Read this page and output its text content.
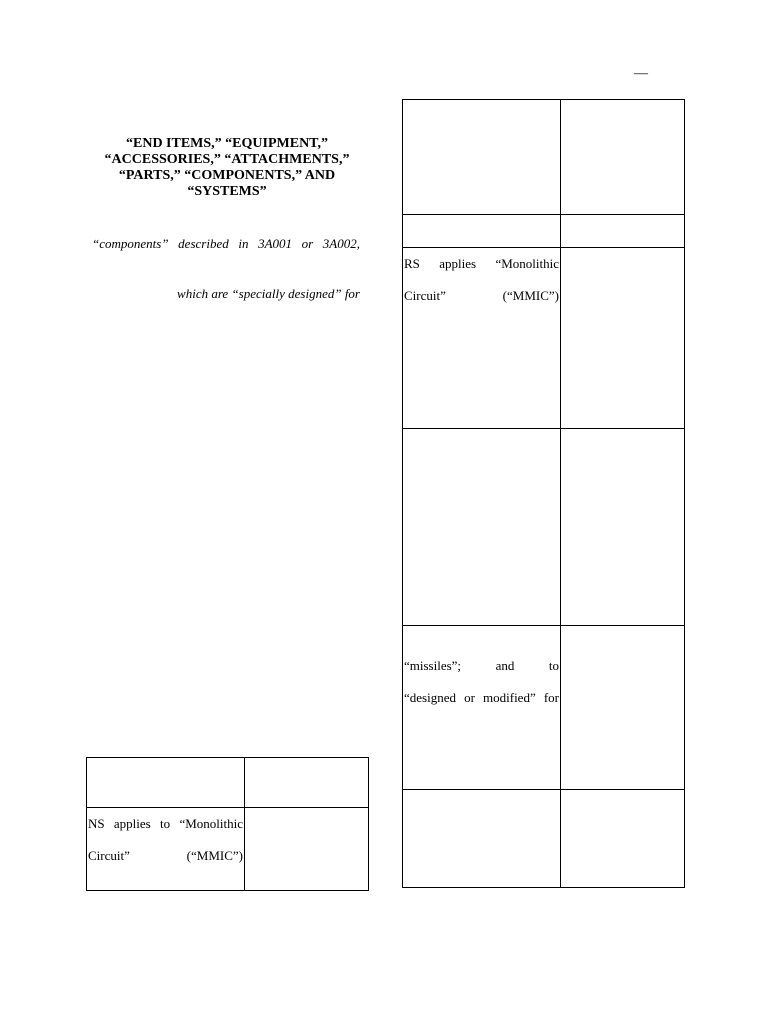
—
“END ITEMS,” “EQUIPMENT,”
“ACCESSORIES,” “ATTACHMENTS,”
“PARTS,” “COMPONENTS,” AND
“SYSTEMS”
“components” described in 3A001 or 3A002,
which are “specially designed” for

RS applies “Monolithic
Circuit” (“MMIC”)	

“missiles”; and to
“designed or modified” for	

NS applies to “Monolithic
Circuit” (“MMIC”)	
